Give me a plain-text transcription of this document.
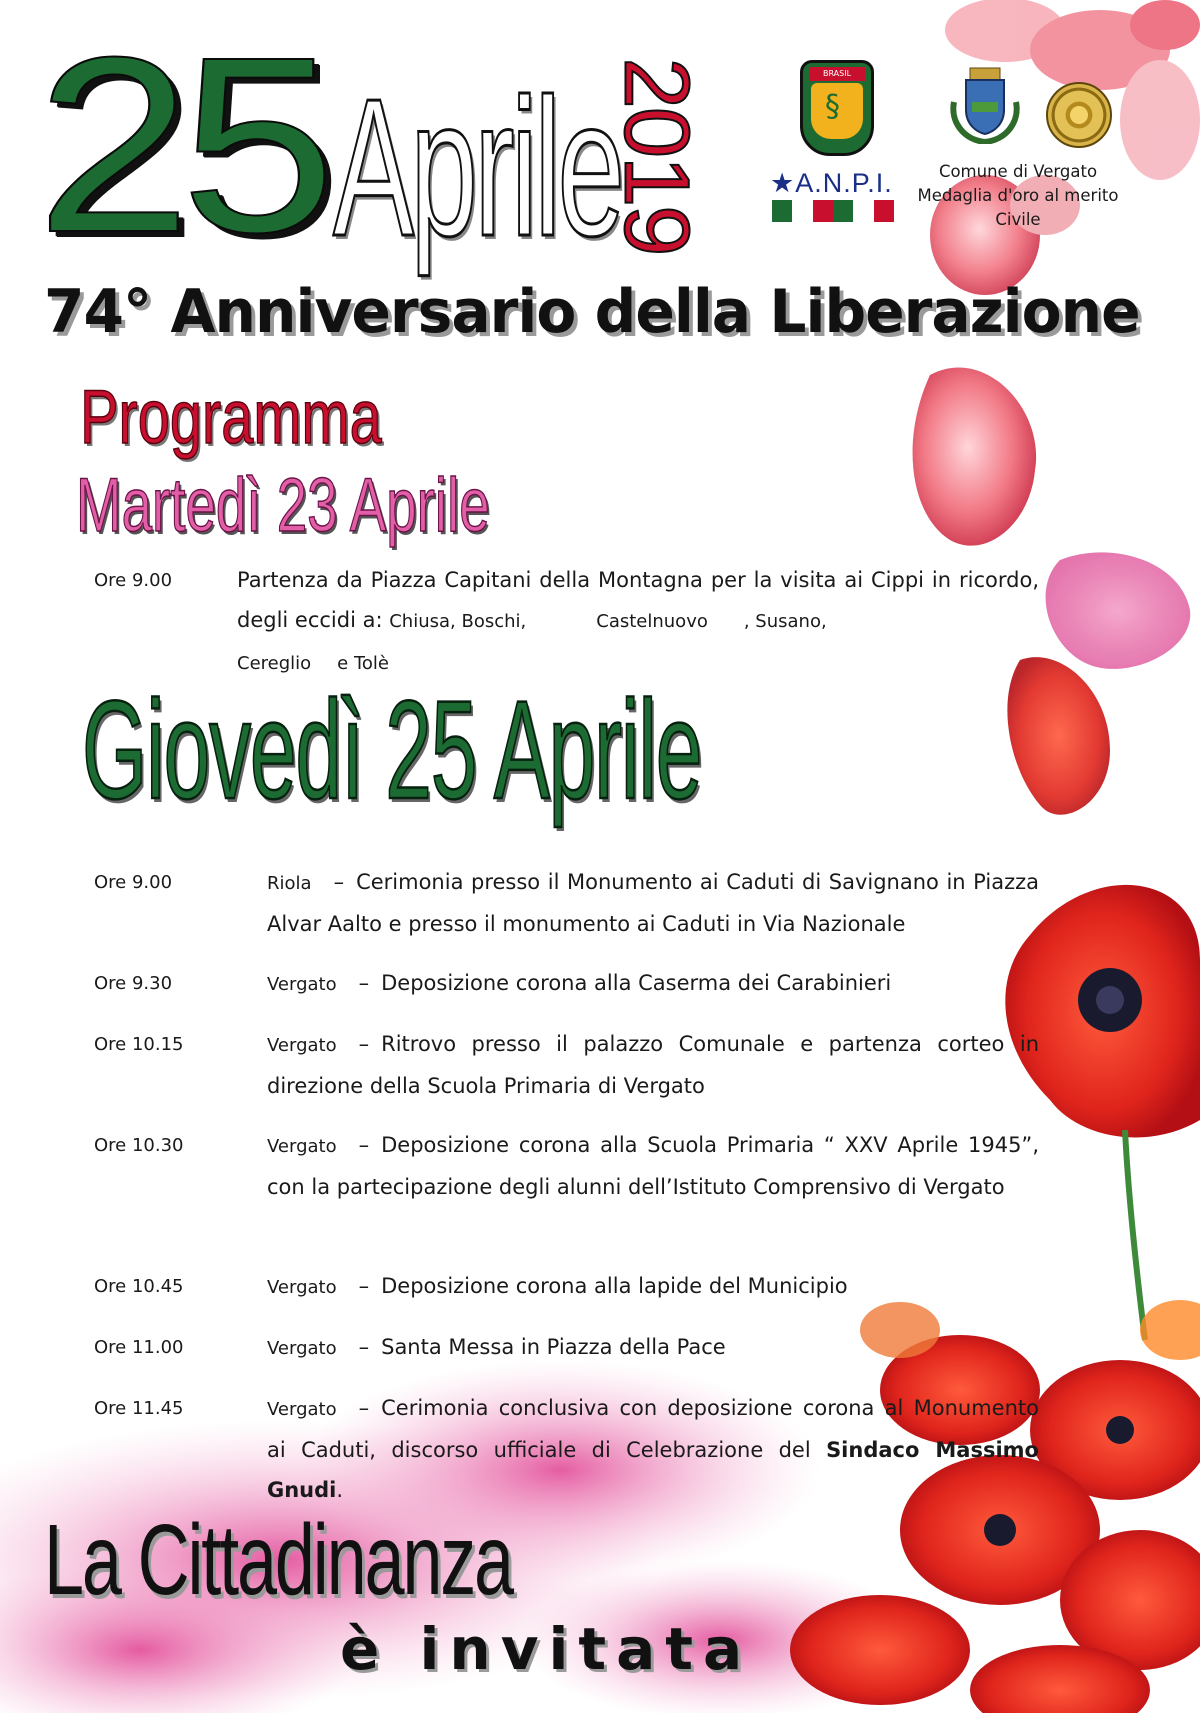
25 Aprile
2019	BRASIL
§
★A.N.P.I.	Comune di Vergato
Medaglia d'oro al merito
Civile
74° Anniversario della Liberazione
Programma
Martedì 23 Aprile
Ore 9.00	Partenza da Piazza Capitani della Montagna per la visita ai Cippi in ricordo, degli eccidi a: Chiusa, Boschi,	Castelnuovo , Susano,
Cereglio e Tolè
Giovedì 25 Aprile
Ore 9.00	Riola – Cerimonia presso il Monumento ai Caduti di Savignano in Piazza Alvar Aalto e presso il monumento ai Caduti in Via Nazionale
Ore 9.30	Vergato – Deposizione corona alla Caserma dei Carabinieri
Ore 10.15	Vergato – Ritrovo presso il palazzo Comunale e partenza corteo in direzione della Scuola Primaria di Vergato
Ore 10.30	Vergato – Deposizione corona alla Scuola Primaria “ XXV Aprile 1945”, con la partecipazione degli alunni dell’Istituto Comprensivo di Vergato
Ore 10.45	Vergato – Deposizione corona alla lapide del Municipio
Ore 11.00	Vergato – Santa Messa in Piazza della Pace
Ore 11.45	Vergato – Cerimonia conclusiva con deposizione corona al Monumento ai Caduti, discorso ufficiale di Celebrazione del Sindaco Massimo Gnudi.
La Cittadinanza
è invitata
